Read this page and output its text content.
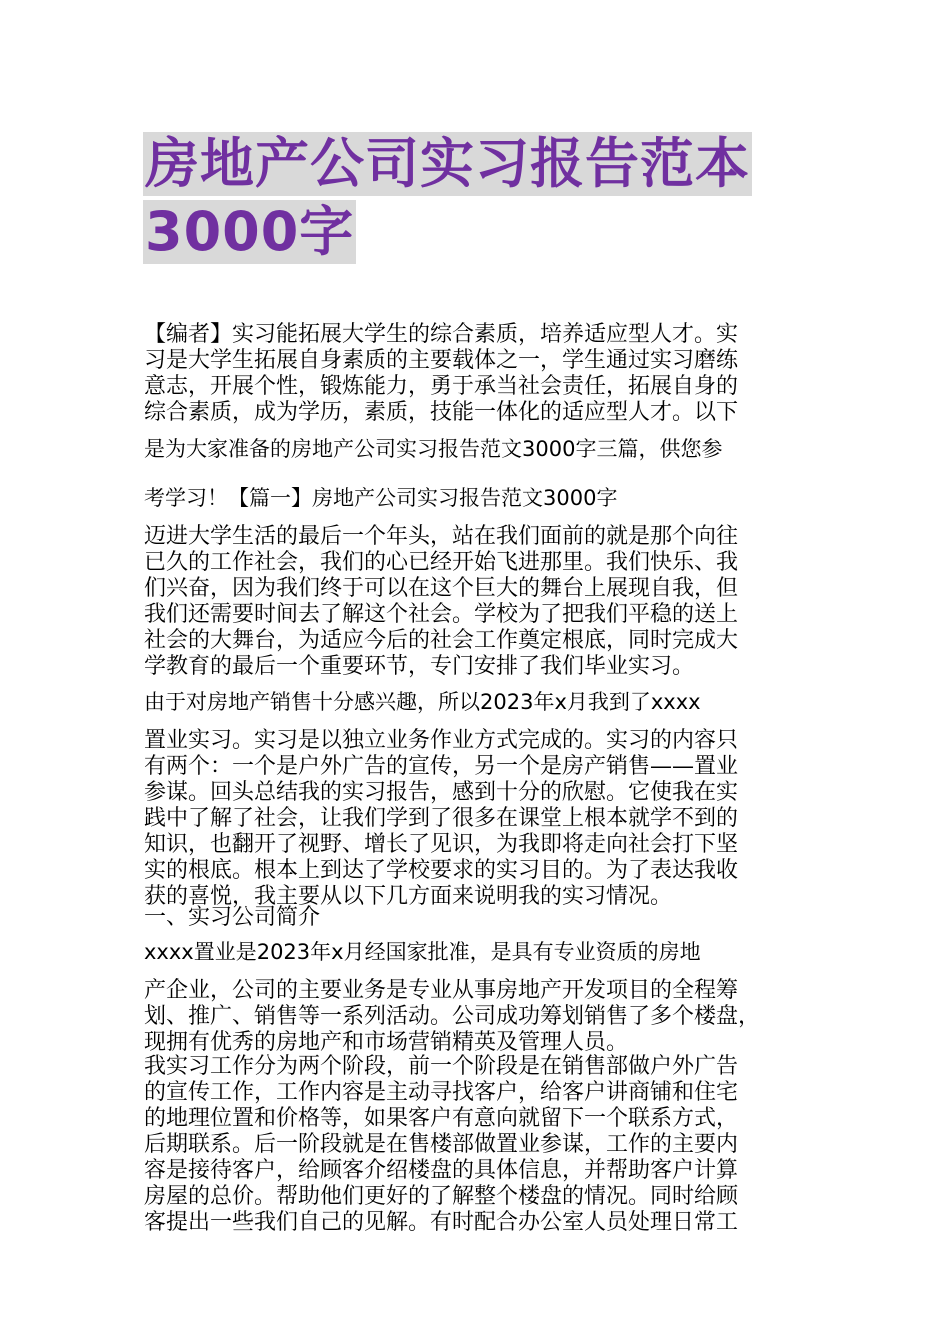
房地产公司实习报告范本
3000字
【编者】实习能拓展大学生的综合素质，培养适应型人才。实
习是大学生拓展自身素质的主要载体之一，学生通过实习磨练
意志，开展个性，锻炼能力，勇于承当社会责任，拓展自身的
综合素质，成为学历，素质，技能一体化的适应型人才。以下
是为大家准备的房地产公司实习报告范文3000字三篇，供您参
考学习！【篇一】房地产公司实习报告范文3000字
迈进大学生活的最后一个年头，站在我们面前的就是那个向往
已久的工作社会，我们的心已经开始飞进那里。我们快乐、我
们兴奋，因为我们终于可以在这个巨大的舞台上展现自我，但
我们还需要时间去了解这个社会。学校为了把我们平稳的送上
社会的大舞台，为适应今后的社会工作奠定根底，同时完成大
学教育的最后一个重要环节，专门安排了我们毕业实习。
由于对房地产销售十分感兴趣，所以2023年x月我到了xxxx
置业实习。实习是以独立业务作业方式完成的。实习的内容只
有两个：一个是户外广告的宣传，另一个是房产销售——置业
参谋。回头总结我的实习报告，感到十分的欣慰。它使我在实
践中了解了社会，让我们学到了很多在课堂上根本就学不到的
知识，也翻开了视野、增长了见识，为我即将走向社会打下坚
实的根底。根本上到达了学校要求的实习目的。为了表达我收
获的喜悦，我主要从以下几方面来说明我的实习情况。
一、实习公司简介
xxxx置业是2023年x月经国家批准，是具有专业资质的房地
产企业，公司的主要业务是专业从事房地产开发项目的全程筹
划、推广、销售等一系列活动。公司成功筹划销售了多个楼盘，
现拥有优秀的房地产和市场营销精英及管理人员。
我实习工作分为两个阶段，前一个阶段是在销售部做户外广告
的宣传工作，工作内容是主动寻找客户，给客户讲商铺和住宅
的地理位置和价格等，如果客户有意向就留下一个联系方式，
后期联系。后一阶段就是在售楼部做置业参谋，工作的主要内
容是接待客户，给顾客介绍楼盘的具体信息，并帮助客户计算
房屋的总价。帮助他们更好的了解整个楼盘的情况。同时给顾
客提出一些我们自己的见解。有时配合办公室人员处理日常工
